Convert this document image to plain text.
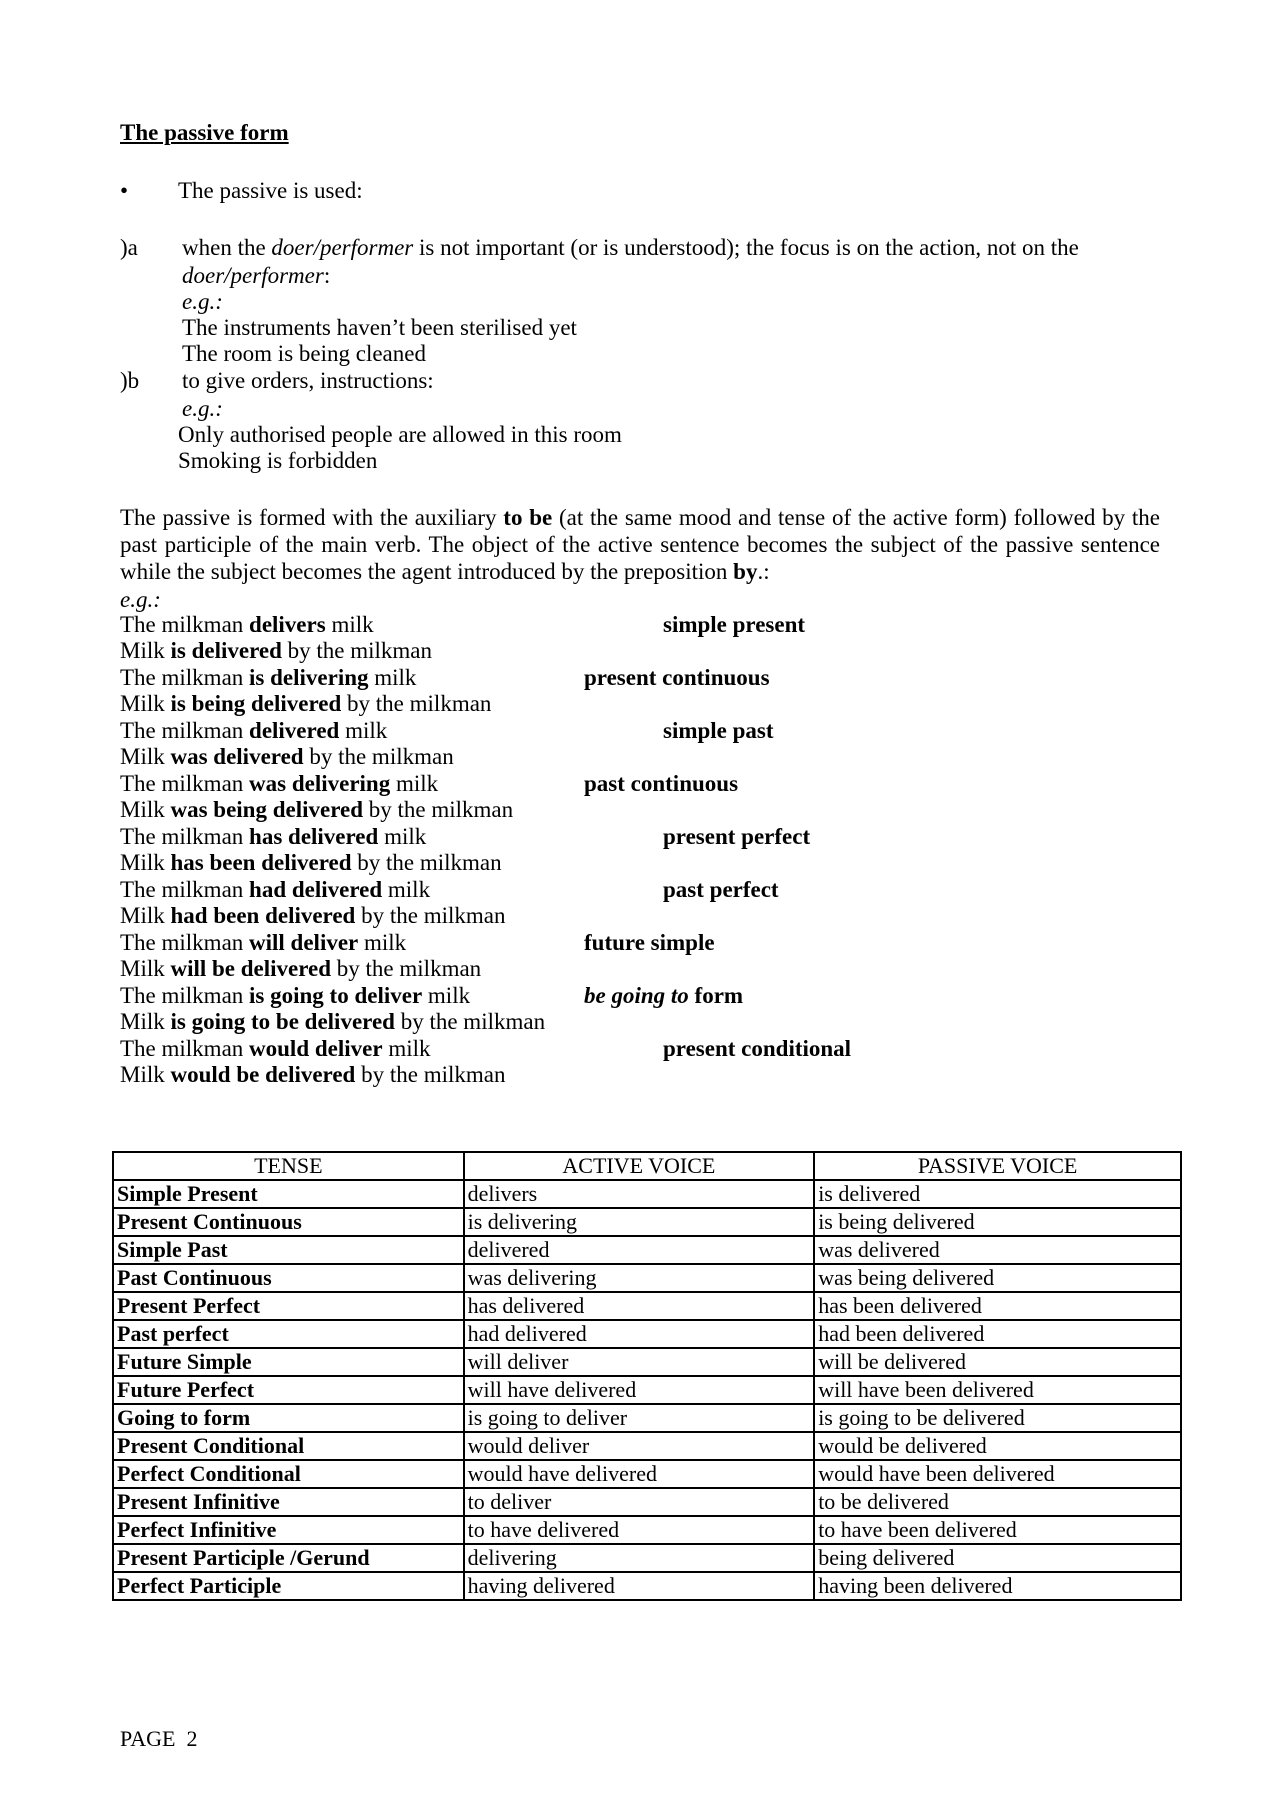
The passive form
• The passive is used:
)a when the doer/performer is not important (or is understood); the focus is on the action, not on the
doer/performer:
e.g.:
The instruments haven’t been sterilised yet
The room is being cleaned
)b to give orders, instructions:
e.g.:
Only authorised people are allowed in this room
Smoking is forbidden
The passive is formed with the auxiliary to be (at the same mood and tense of the active form) followed by the past participle of the main verb. The object of the active sentence becomes the subject of the passive sentence while the subject becomes the agent introduced by the preposition by.:
e.g.:
The milkman delivers milk	simple present
Milk is delivered by the milkman
The milkman is delivering milk	present continuous
Milk is being delivered by the milkman
The milkman delivered milk	simple past
Milk was delivered by the milkman
The milkman was delivering milk	past continuous
Milk was being delivered by the milkman
The milkman has delivered milk	present perfect
Milk has been delivered by the milkman
The milkman had delivered milk	past perfect
Milk had been delivered by the milkman
The milkman will deliver milk	future simple
Milk will be delivered by the milkman
The milkman is going to deliver milk	be going to form
Milk is going to be delivered by the milkman
The milkman would deliver milk	present conditional
Milk would be delivered by the milkman
TENSE	ACTIVE VOICE	PASSIVE VOICE
Simple Present	delivers	is delivered
Present Continuous	is delivering	is being delivered
Simple Past	delivered	was delivered
Past Continuous	was delivering	was being delivered
Present Perfect	has delivered	has been delivered
Past perfect	had delivered	had been delivered
Future Simple	will deliver	will be delivered
Future Perfect	will have delivered	will have been delivered
Going to form	is going to deliver	is going to be delivered
Present Conditional	would deliver	would be delivered
Perfect Conditional	would have delivered	would have been delivered
Present Infinitive	to deliver	to be delivered
Perfect Infinitive	to have delivered	to have been delivered
Present Participle /Gerund	delivering	being delivered
Perfect Participle	having delivered	having been delivered
PAGE 2
